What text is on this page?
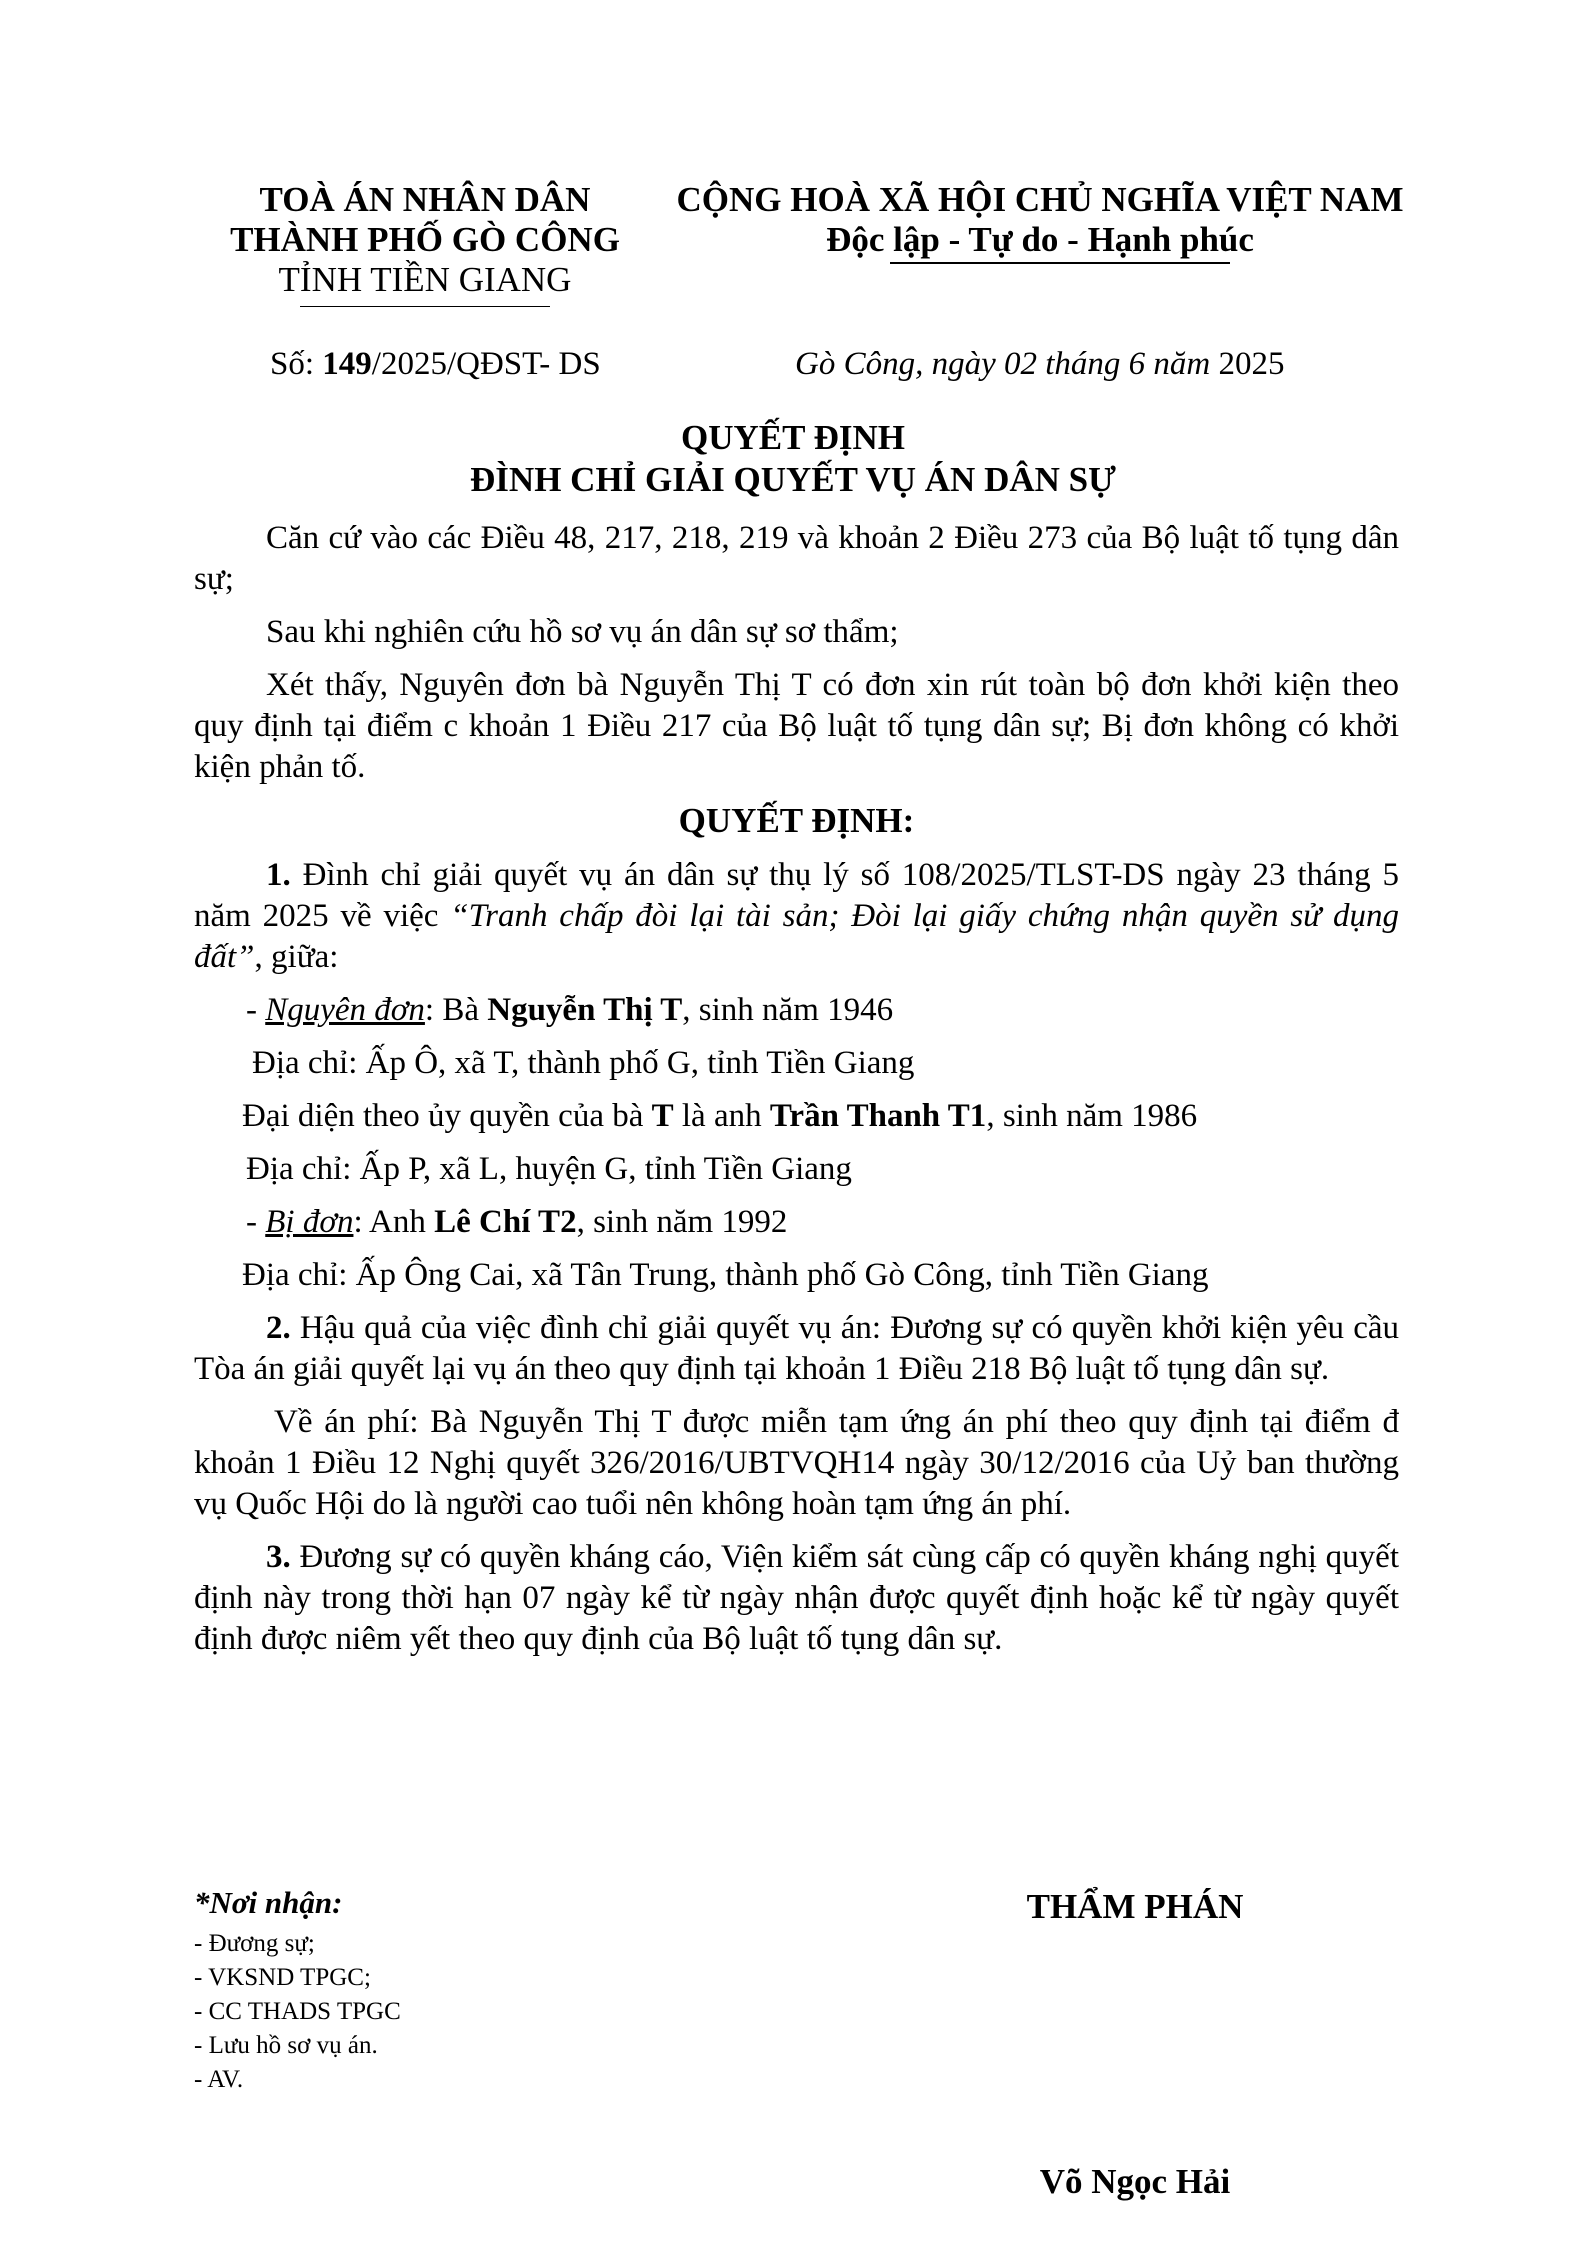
TOÀ ÁN NHÂN DÂN
THÀNH PHỐ GÒ CÔNG
TỈNH TIỀN GIANG
CỘNG HOÀ XÃ HỘI CHỦ NGHĨA VIỆT NAM
Độc lập - Tự do - Hạnh phúc
Số: 149/2025/QĐST- DS	Gò Công, ngày 02 tháng 6 năm 2025
QUYẾT ĐỊNH
ĐÌNH CHỈ GIẢI QUYẾT VỤ ÁN DÂN SỰ

Căn cứ vào các Điều 48, 217, 218, 219 và khoản 2 Điều 273 của Bộ luật tố tụng dân sự;

Sau khi nghiên cứu hồ sơ vụ án dân sự sơ thẩm;

Xét thấy, Nguyên đơn bà Nguyễn Thị T có đơn xin rút toàn bộ đơn khởi kiện theo quy định tại điểm c khoản 1 Điều 217 của Bộ luật tố tụng dân sự; Bị đơn không có khởi kiện phản tố.

QUYẾT ĐỊNH:

1. Đình chỉ giải quyết vụ án dân sự thụ lý số 108/2025/TLST-DS ngày 23 tháng 5 năm 2025 về việc “Tranh chấp đòi lại tài sản; Đòi lại giấy chứng nhận quyền sử dụng đất”, giữa:

- Nguyên đơn: Bà Nguyễn Thị T, sinh năm 1946

Địa chỉ: Ấp Ô, xã T, thành phố G, tỉnh Tiền Giang

Đại diện theo ủy quyền của bà T là anh Trần Thanh T1, sinh năm 1986

Địa chỉ: Ấp P, xã L, huyện G, tỉnh Tiền Giang

- Bị đơn: Anh Lê Chí T2, sinh năm 1992

Địa chỉ: Ấp Ông Cai, xã Tân Trung, thành phố Gò Công, tỉnh Tiền Giang

2. Hậu quả của việc đình chỉ giải quyết vụ án: Đương sự có quyền khởi kiện yêu cầu Tòa án giải quyết lại vụ án theo quy định tại khoản 1 Điều 218 Bộ luật tố tụng dân sự.

Về án phí: Bà Nguyễn Thị T được miễn tạm ứng án phí theo quy định tại điểm đ khoản 1 Điều 12 Nghị quyết 326/2016/UBTVQH14 ngày 30/12/2016 của Uỷ ban thường vụ Quốc Hội do là người cao tuổi nên không hoàn tạm ứng án phí.

3. Đương sự có quyền kháng cáo, Viện kiểm sát cùng cấp có quyền kháng nghị quyết định này trong thời hạn 07 ngày kể từ ngày nhận được quyết định hoặc kể từ ngày quyết định được niêm yết theo quy định của Bộ luật tố tụng dân sự.

*Nơi nhận:
- Đương sự;
- VKSND TPGC;
- CC THADS TPGC
- Lưu hồ sơ vụ án.
- AV.
THẨM PHÁN
Võ Ngọc Hải
